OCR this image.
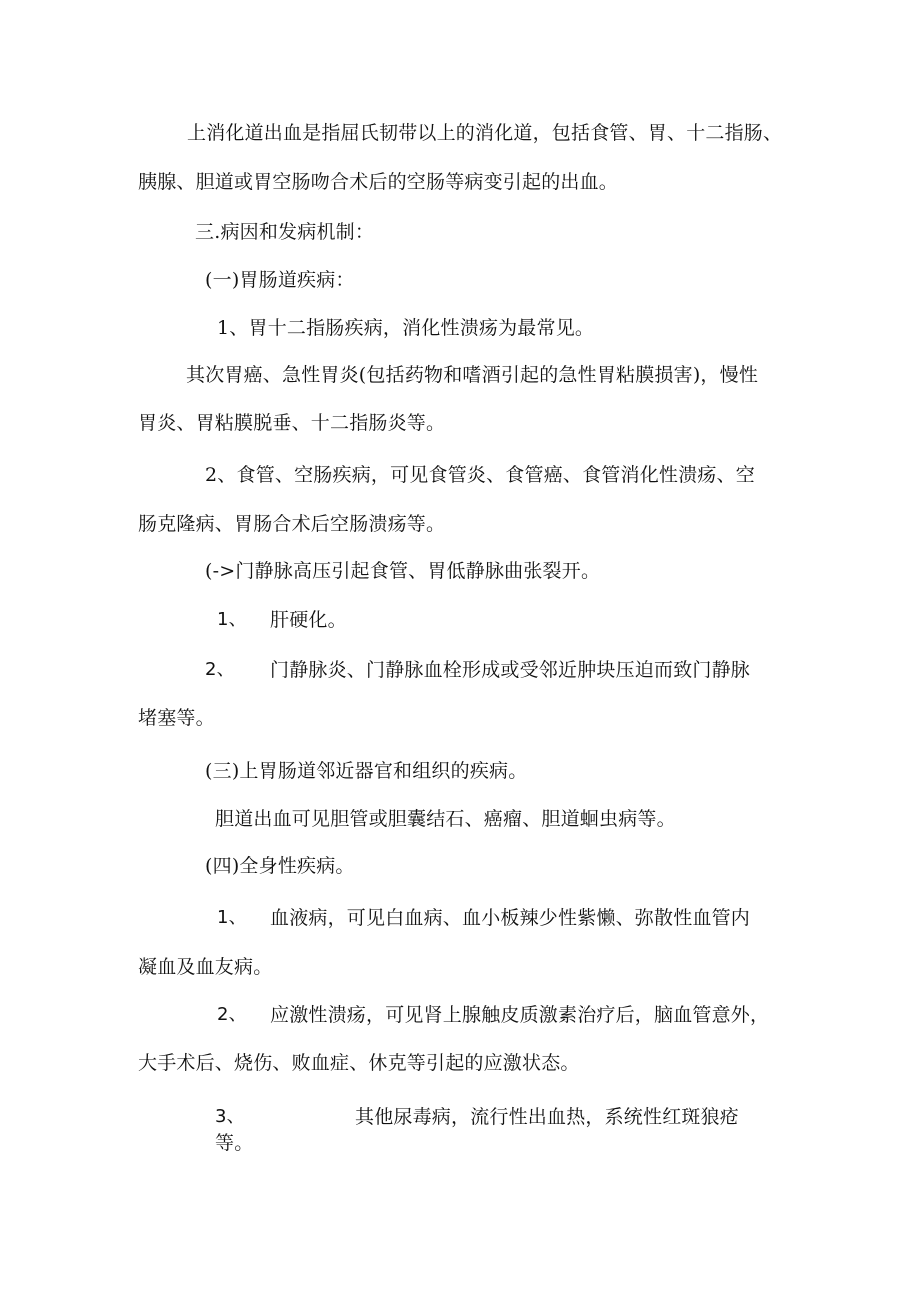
上消化道出血是指屈氏韧带以上的消化道，包括食管、胃、十二指肠、
胰腺、胆道或胃空肠吻合术后的空肠等病变引起的出血。
三.病因和发病机制：
(一)胃肠道疾病：
1、胃十二指肠疾病，消化性溃疡为最常见。
其次胃癌、急性胃炎(包括药物和嗜酒引起的急性胃粘膜损害)，慢性
胃炎、胃粘膜脱垂、十二指肠炎等。
2、食管、空肠疾病，可见食管炎、食管癌、食管消化性溃疡、空
肠克隆病、胃肠合术后空肠溃疡等。
(->门静脉高压引起食管、胃低静脉曲张裂开。
1、 肝硬化。
2、 门静脉炎、门静脉血栓形成或受邻近肿块压迫而致门静脉
堵塞等。
(三)上胃肠道邻近器官和组织的疾病。
胆道出血可见胆管或胆囊结石、癌瘤、胆道蛔虫病等。
(四)全身性疾病。
1、 血液病，可见白血病、血小板辣少性紫懒、弥散性血管内
凝血及血友病。
2、 应激性溃疡，可见肾上腺触皮质激素治疗后，脑血管意外，
大手术后、烧伤、败血症、休克等引起的应激状态。
3、	其他尿毒病，流行性出血热，系统性红斑狼疮
等。
